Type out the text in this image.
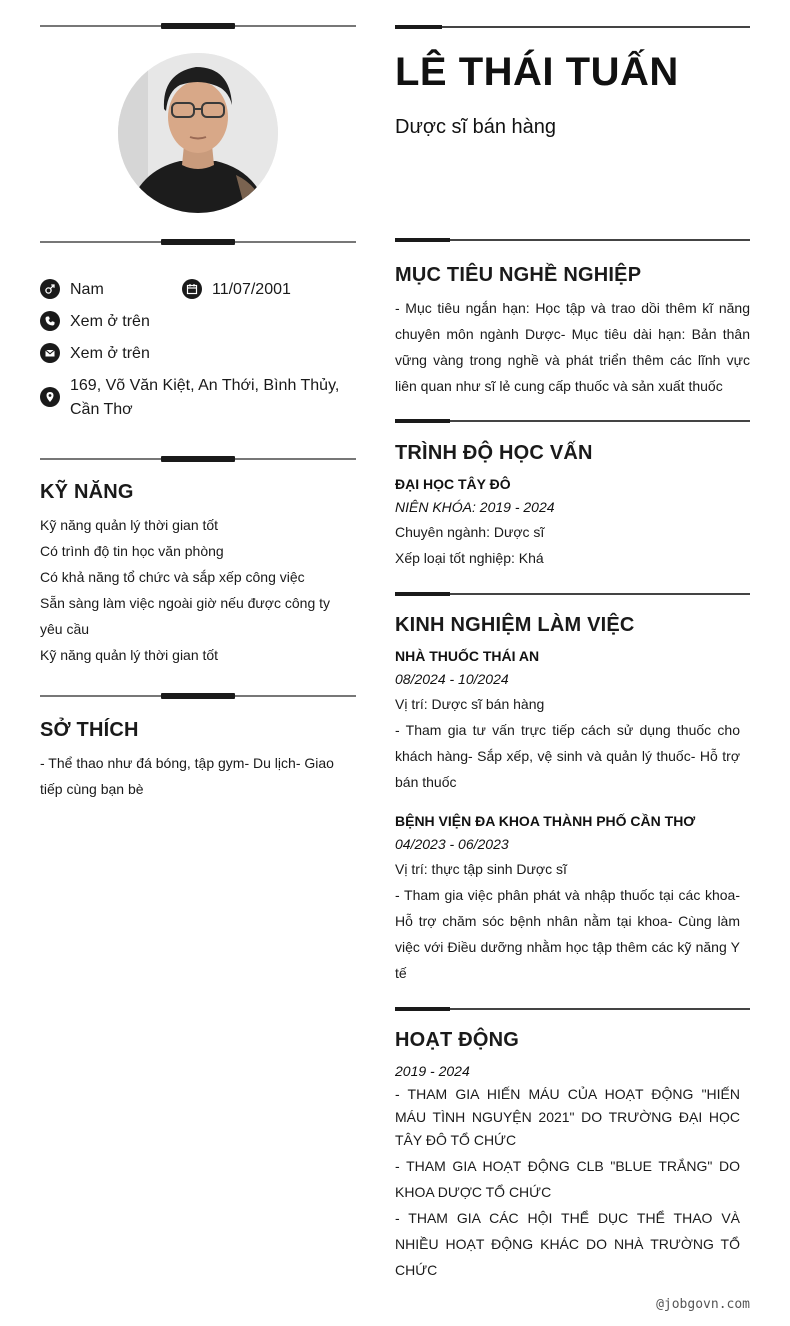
Nam	11/07/2001
Xem ở trên
Xem ở trên
169, Võ Văn Kiệt, An Thới, Bình Thủy, Cần Thơ
KỸ NĂNG
Kỹ năng quản lý thời gian tốt
Có trình độ tin học văn phòng
Có khả năng tổ chức và sắp xếp công việc
Sẵn sàng làm việc ngoài giờ nếu được công ty yêu cầu
Kỹ năng quản lý thời gian tốt
SỞ THÍCH
- Thể thao như đá bóng, tập gym- Du lịch- Giao tiếp cùng bạn bè
LÊ THÁI TUẤN
Dược sĩ bán hàng
MỤC TIÊU NGHỀ NGHIỆP
- Mục tiêu ngắn hạn: Học tập và trao dồi thêm kĩ năng chuyên môn ngành Dược- Mục tiêu dài hạn: Bản thân vững vàng trong nghề và phát triển thêm các lĩnh vực liên quan như sĩ lẻ cung cấp thuốc và sản xuất thuốc
TRÌNH ĐỘ HỌC VẤN
ĐẠI HỌC TÂY ĐÔ
NIÊN KHÓA: 2019 - 2024
Chuyên ngành: Dược sĩ
Xếp loại tốt nghiệp: Khá
KINH NGHIỆM LÀM VIỆC
NHÀ THUỐC THÁI AN
08/2024 - 10/2024
Vị trí: Dược sĩ bán hàng
- Tham gia tư vấn trực tiếp cách sử dụng thuốc cho khách hàng- Sắp xếp, vệ sinh và quản lý thuốc- Hỗ trợ bán thuốc
BỆNH VIỆN ĐA KHOA THÀNH PHỐ CẦN THƠ
04/2023 - 06/2023
Vị trí: thực tập sinh Dược sĩ
- Tham gia việc phân phát và nhập thuốc tại các khoa- Hỗ trợ chăm sóc bệnh nhân nằm tại khoa- Cùng làm việc với Điều dưỡng nhằm học tập thêm các kỹ năng Y tế
HOẠT ĐỘNG
2019 - 2024
- THAM GIA HIẾN MÁU CỦA HOẠT ĐỘNG "HIẾN MÁU TÌNH NGUYỆN 2021" DO TRƯỜNG ĐẠI HỌC TÂY ĐÔ TỔ CHỨC
- THAM GIA HOẠT ĐỘNG CLB "BLUE TRẮNG" DO KHOA DƯỢC TỔ CHỨC
- THAM GIA CÁC HỘI THỂ DỤC THỂ THAO VÀ NHIỀU HOẠT ĐỘNG KHÁC DO NHÀ TRƯỜNG TỔ CHỨC
@jobgovn.com
